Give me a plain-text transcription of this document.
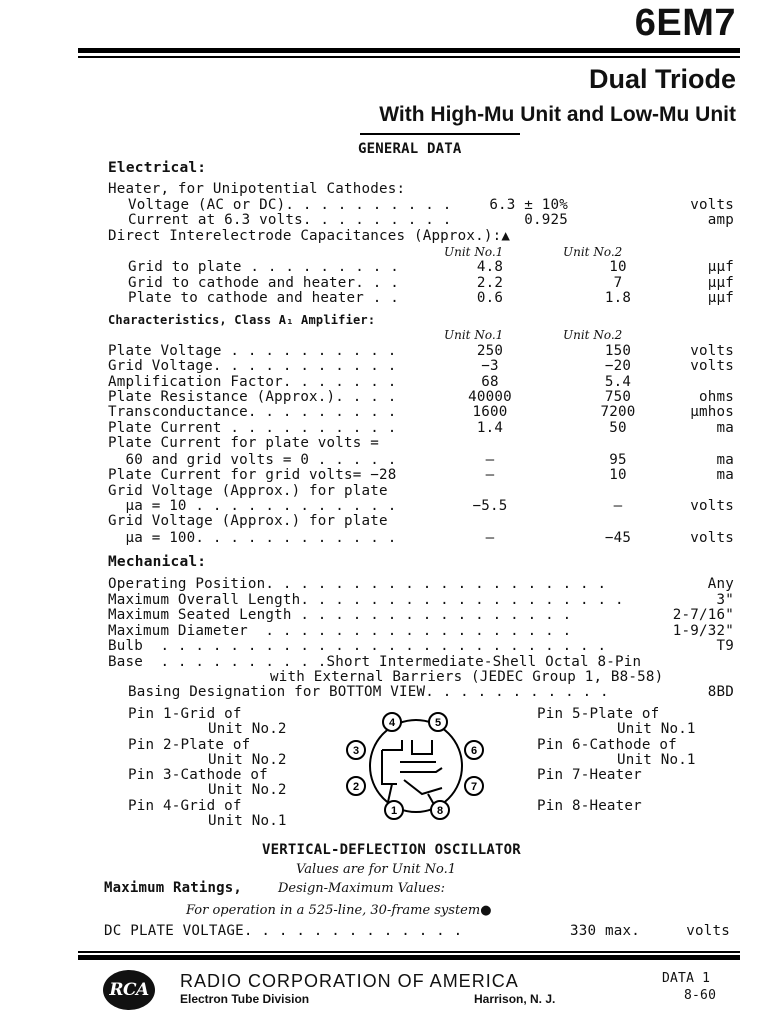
6EM7
Dual Triode
With High-Mu Unit and Low-Mu Unit
GENERAL DATA
Electrical:
Heater, for Unipotential Cathodes:
Voltage (AC or DC). . . . . . . . . .	6.3 ± 10%	volts
Current at 6.3 volts. . . . . . . . .	0.925	amp
Direct Interelectrode Capacitances (Approx.):▲
Unit No.1	Unit No.2
Grid to plate . . . . . . . . .	4.8	10	μμf
Grid to cathode and heater. . .	2.2	7	μμf
Plate to cathode and heater . .	0.6	1.8	μμf
Characteristics, Class A₁ Amplifier:
Unit No.1	Unit No.2
Plate Voltage . . . . . . . . . .	250	150	volts
Grid Voltage. . . . . . . . . . .	−3	−20	volts
Amplification Factor. . . . . . .	68	5.4
Plate Resistance (Approx.). . . .	40000	750	ohms
Transconductance. . . . . . . . .	1600	7200	μmhos
Plate Current . . . . . . . . . .	1.4	50	ma
Plate Current for plate volts =
60 and grid volts = 0 . . . . .	–	95	ma
Plate Current for grid volts= −28	–	10	ma
Grid Voltage (Approx.) for plate
μa = 10 . . . . . . . . . . . .	−5.5	–	volts
Grid Voltage (Approx.) for plate
μa = 100. . . . . . . . . . . .	–	−45	volts
Mechanical:
Operating Position. . . . . . . . . . . . . . . . . . . .	Any
Maximum Overall Length. . . . . . . . . . . . . . . . . . .	3"
Maximum Seated Length . . . . . . . . . . . . . . . .	2-7/16"
Maximum Diameter  . . . . . . . . . . . . . . . . . .	1-9/32"
Bulb  . . . . . . . . . . . . . . . . . . . . . . . . . .	T9
Base  . . . . . . . . . .Short Intermediate-Shell Octal 8-Pin
with External Barriers (JEDEC Group 1, B8-58)
Basing Designation for BOTTOM VIEW. . . . . . . . . . .	8BD
Pin 1-Grid of
Unit No.2
Pin 2-Plate of
Unit No.2
Pin 3-Cathode of
Unit No.2
Pin 4-Grid of
Unit No.1
Pin 5-Plate of
Unit No.1
Pin 6-Cathode of
Unit No.1
Pin 7-Heater
Pin 8-Heater
1
2
3
4	5
6
7
8
VERTICAL-DEFLECTION OSCILLATOR
Values are for Unit No.1
Maximum Ratings,	Design-Maximum Values:
For operation in a 525-line, 30-frame system●
DC PLATE VOLTAGE. . . . . . . . . . . . .	330 max.	volts
RCA RADIO CORPORATION OF AMERICA
Electron Tube Division	Harrison, N. J.
DATA 1
8-60
